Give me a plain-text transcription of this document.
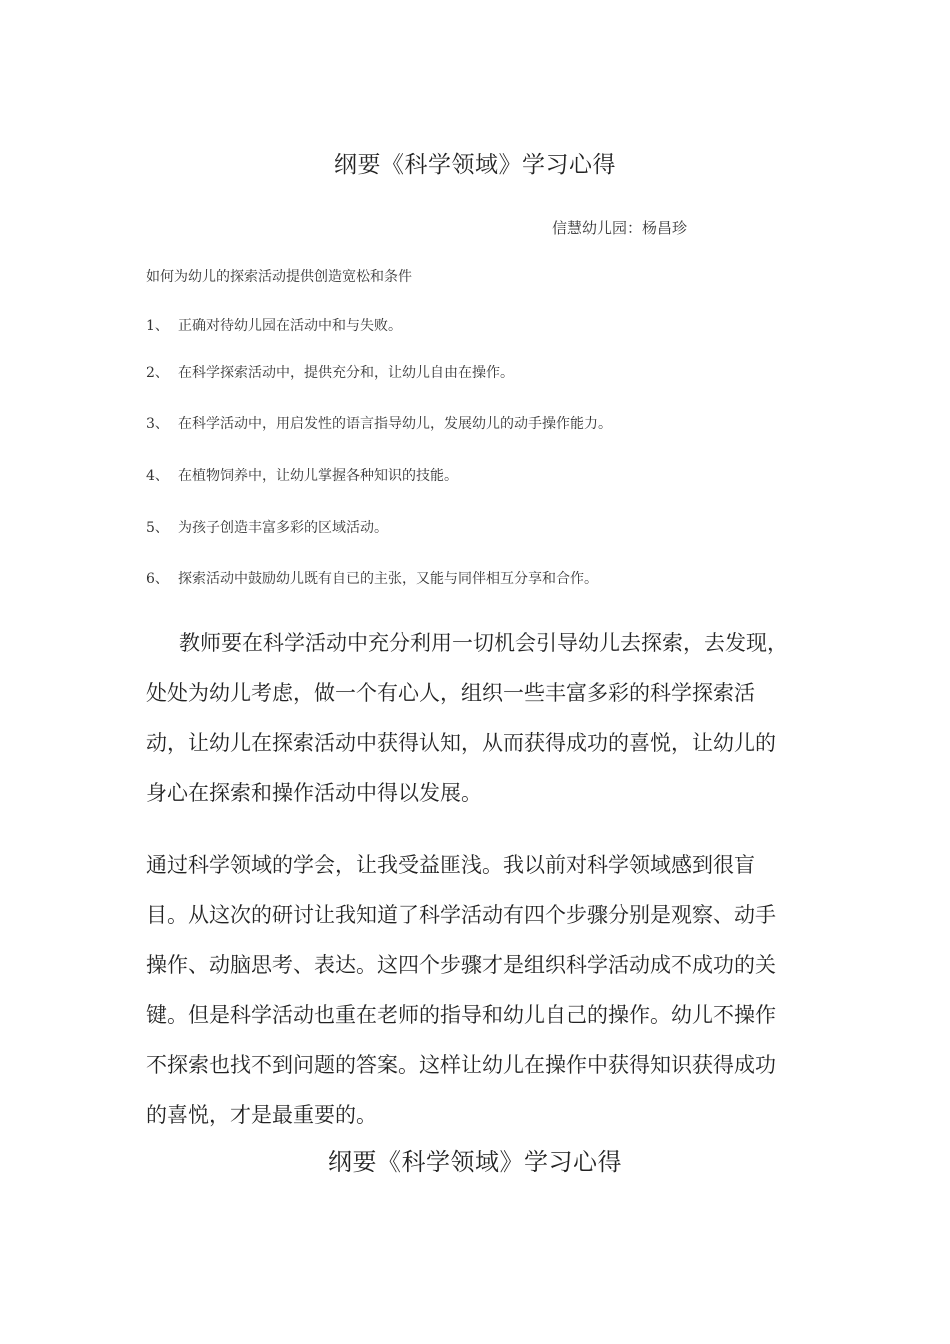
纲要《科学领域》学习心得
信慧幼儿园：杨昌珍
如何为幼儿的探索活动提供创造宽松和条件
1、 正确对待幼儿园在活动中和与失败。
2、 在科学探索活动中，提供充分和，让幼儿自由在操作。
3、 在科学活动中，用启发性的语言指导幼儿，发展幼儿的动手操作能力。
4、 在植物饲养中，让幼儿掌握各种知识的技能。
5、 为孩子创造丰富多彩的区域活动。
6、 探索活动中鼓励幼儿既有自已的主张，又能与同伴相互分享和合作。
教师要在科学活动中充分利用一切机会引导幼儿去探索，去发现，处处为幼儿考虑，做一个有心人，组织一些丰富多彩的科学探索活动，让幼儿在探索活动中获得认知，从而获得成功的喜悦，让幼儿的身心在探索和操作活动中得以发展。
通过科学领域的学会，让我受益匪浅。我以前对科学领域感到很盲目。从这次的研讨让我知道了科学活动有四个步骤分别是观察、动手操作、动脑思考、表达。这四个步骤才是组织科学活动成不成功的关键。但是科学活动也重在老师的指导和幼儿自己的操作。幼儿不操作不探索也找不到问题的答案。这样让幼儿在操作中获得知识获得成功的喜悦，才是最重要的。
纲要《科学领域》学习心得
